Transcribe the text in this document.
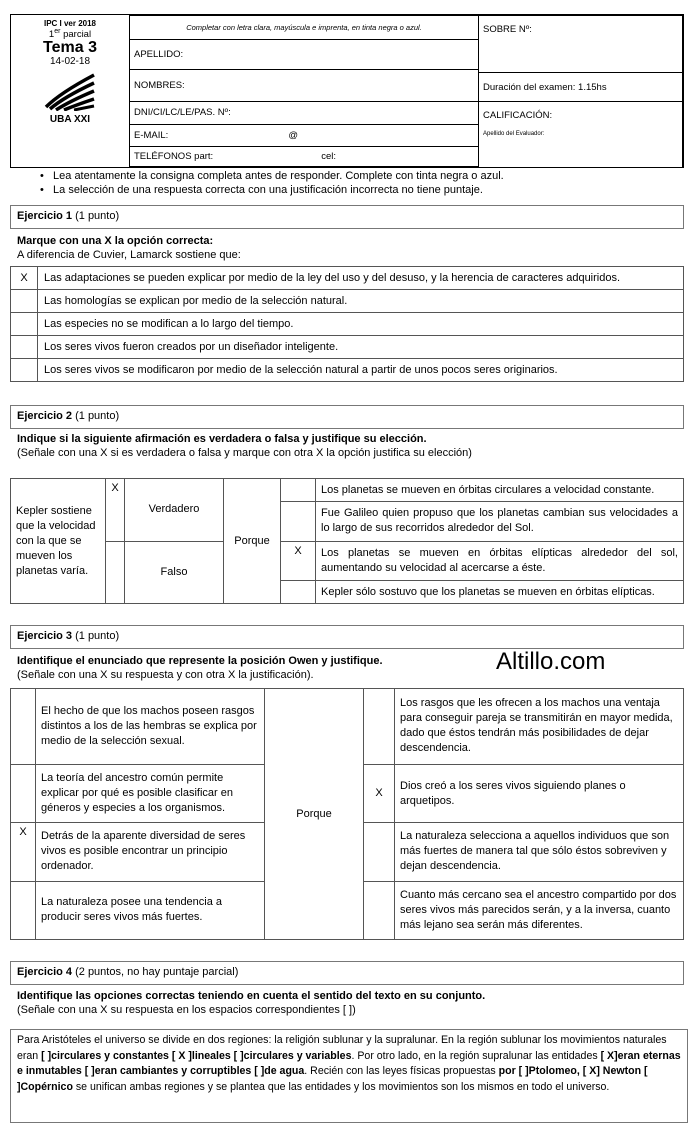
IPC I ver 2018
1er parcial
Tema 3
14-02-18
UBA XXI
Completar con letra clara, mayúscula e imprenta, en tinta negra o azul.
APELLIDO:
NOMBRES:
DNI/CI/LC/LE/PAS. Nº:
E-MAIL:	@
TELÉFONOS part:	cel:
SOBRE Nº:
Duración del examen: 1.15hs

CALIFICACIÓN:
Apellido del Evaluador:
•   Lea atentamente la consigna completa antes de responder. Complete con tinta negra o azul.
•   La selección de una respuesta correcta con una justificación incorrecta no tiene puntaje.
Ejercicio 1 (1 punto)
Marque con una X la opción correcta:
A diferencia de Cuvier, Lamarck sostiene que:
X	Las adaptaciones se pueden explicar por medio de la ley del uso y del desuso, y la herencia de caracteres adquiridos.
	Las homologías se explican por medio de la selección natural.
	Las especies no se modifican a lo largo del tiempo.
	Los seres vivos fueron creados por un diseñador inteligente.
	Los seres vivos se modificaron por medio de la selección natural a partir de unos pocos seres originarios.
Ejercicio 2 (1 punto)
Indique si la siguiente afirmación es verdadera o falsa y justifique su elección.
(Señale con una X si es verdadera o falsa y marque con otra X la opción justifica su elección)
Kepler sostiene que la velocidad con la que se mueven los planetas varía.	X	Verdadero	Porque		Los planetas se mueven en órbitas circulares a velocidad constante.
					Fue Galileo quien propuso que los planetas cambian sus velocidades a lo largo de sus recorridos alrededor del Sol.
		Falso		X	Los planetas se mueven en órbitas elípticas alrededor del sol, aumentando su velocidad al acercarse a éste.
					Kepler sólo sostuvo que los planetas se mueven en órbitas elípticas.
Ejercicio 3 (1 punto)
Identifique el enunciado que represente la posición Owen y justifique.
(Señale con una X su respuesta y con otra X la justificación).	Altillo.com
	El hecho de que los machos poseen rasgos distintos a los de las hembras se explica por medio de la selección sexual.	Porque		Los rasgos que les ofrecen a los machos una ventaja para conseguir pareja se transmitirán en mayor medida, dado que éstos tendrán más posibilidades de dejar descendencia.
	La teoría del ancestro común permite explicar por qué es posible clasificar en géneros y especies a los organismos.		X	Dios creó a los seres vivos siguiendo planes o arquetipos.
X	Detrás de la aparente diversidad de seres vivos es posible encontrar un principio ordenador.			La naturaleza selecciona a aquellos individuos que son más fuertes de manera tal que sólo éstos sobreviven y dejan descendencia.
	La naturaleza posee una tendencia a producir seres vivos más fuertes.			Cuanto más cercano sea el ancestro compartido por dos seres vivos más parecidos serán, y a la inversa, cuanto más lejano sea serán más diferentes.
Ejercicio 4 (2 puntos, no hay puntaje parcial)
Identifique las opciones correctas teniendo en cuenta el sentido del texto en su conjunto.
(Señale con una X su respuesta en los espacios correspondientes [ ])
Para Aristóteles el universo se divide en dos regiones: la religión sublunar y la supralunar. En la región sublunar los movimientos naturales eran [ ]circulares y constantes [ X ]lineales [ ]circulares y variables. Por otro lado, en la región supralunar las entidades [ X]eran eternas e inmutables [ ]eran cambiantes y corruptibles [ ]de agua. Recién con las leyes físicas propuestas por [ ]Ptolomeo, [ X] Newton [ ]Copérnico se unifican ambas regiones y se plantea que las entidades y los movimientos son los mismos en todo el universo.
